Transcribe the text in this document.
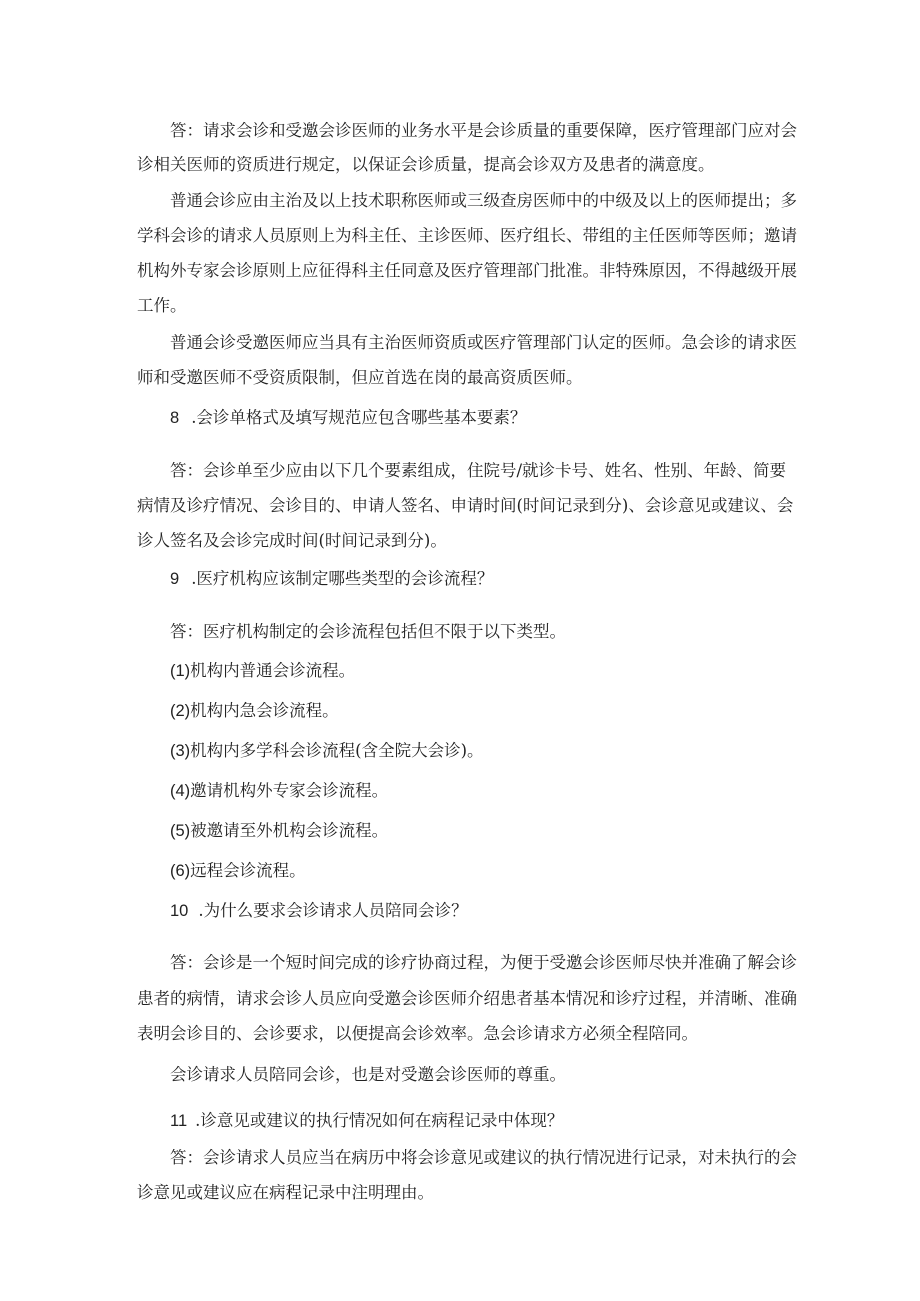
答：请求会诊和受邀会诊医师的业务水平是会诊质量的重要保障，医疗管理部门应对会
诊相关医师的资质进行规定，以保证会诊质量，提高会诊双方及患者的满意度。
普通会诊应由主治及以上技术职称医师或三级查房医师中的中级及以上的医师提出；多
学科会诊的请求人员原则上为科主任、主诊医师、医疗组长、带组的主任医师等医师；邀请
机构外专家会诊原则上应征得科主任同意及医疗管理部门批准。非特殊原因，不得越级开展
工作。
普通会诊受邀医师应当具有主治医师资质或医疗管理部门认定的医师。急会诊的请求医
师和受邀医师不受资质限制，但应首选在岗的最高资质医师。
8 .会诊单格式及填写规范应包含哪些基本要素？
答：会诊单至少应由以下几个要素组成，住院号/就诊卡号、姓名、性别、年龄、简要
病情及诊疗情况、会诊目的、申请人签名、申请时间(时间记录到分)、会诊意见或建议、会
诊人签名及会诊完成时间(时间记录到分)。
9 .医疗机构应该制定哪些类型的会诊流程？
答：医疗机构制定的会诊流程包括但不限于以下类型。
(1)机构内普通会诊流程。
(2)机构内急会诊流程。
(3)机构内多学科会诊流程(含全院大会诊)。
(4)邀请机构外专家会诊流程。
(5)被邀请至外机构会诊流程。
(6)远程会诊流程。
10 .为什么要求会诊请求人员陪同会诊？
答：会诊是一个短时间完成的诊疗协商过程，为便于受邀会诊医师尽快并准确了解会诊
患者的病情，请求会诊人员应向受邀会诊医师介绍患者基本情况和诊疗过程，并清晰、准确
表明会诊目的、会诊要求，以便提高会诊效率。急会诊请求方必须全程陪同。
会诊请求人员陪同会诊，也是对受邀会诊医师的尊重。
11 .诊意见或建议的执行情况如何在病程记录中体现？
答：会诊请求人员应当在病历中将会诊意见或建议的执行情况进行记录，对未执行的会
诊意见或建议应在病程记录中注明理由。
